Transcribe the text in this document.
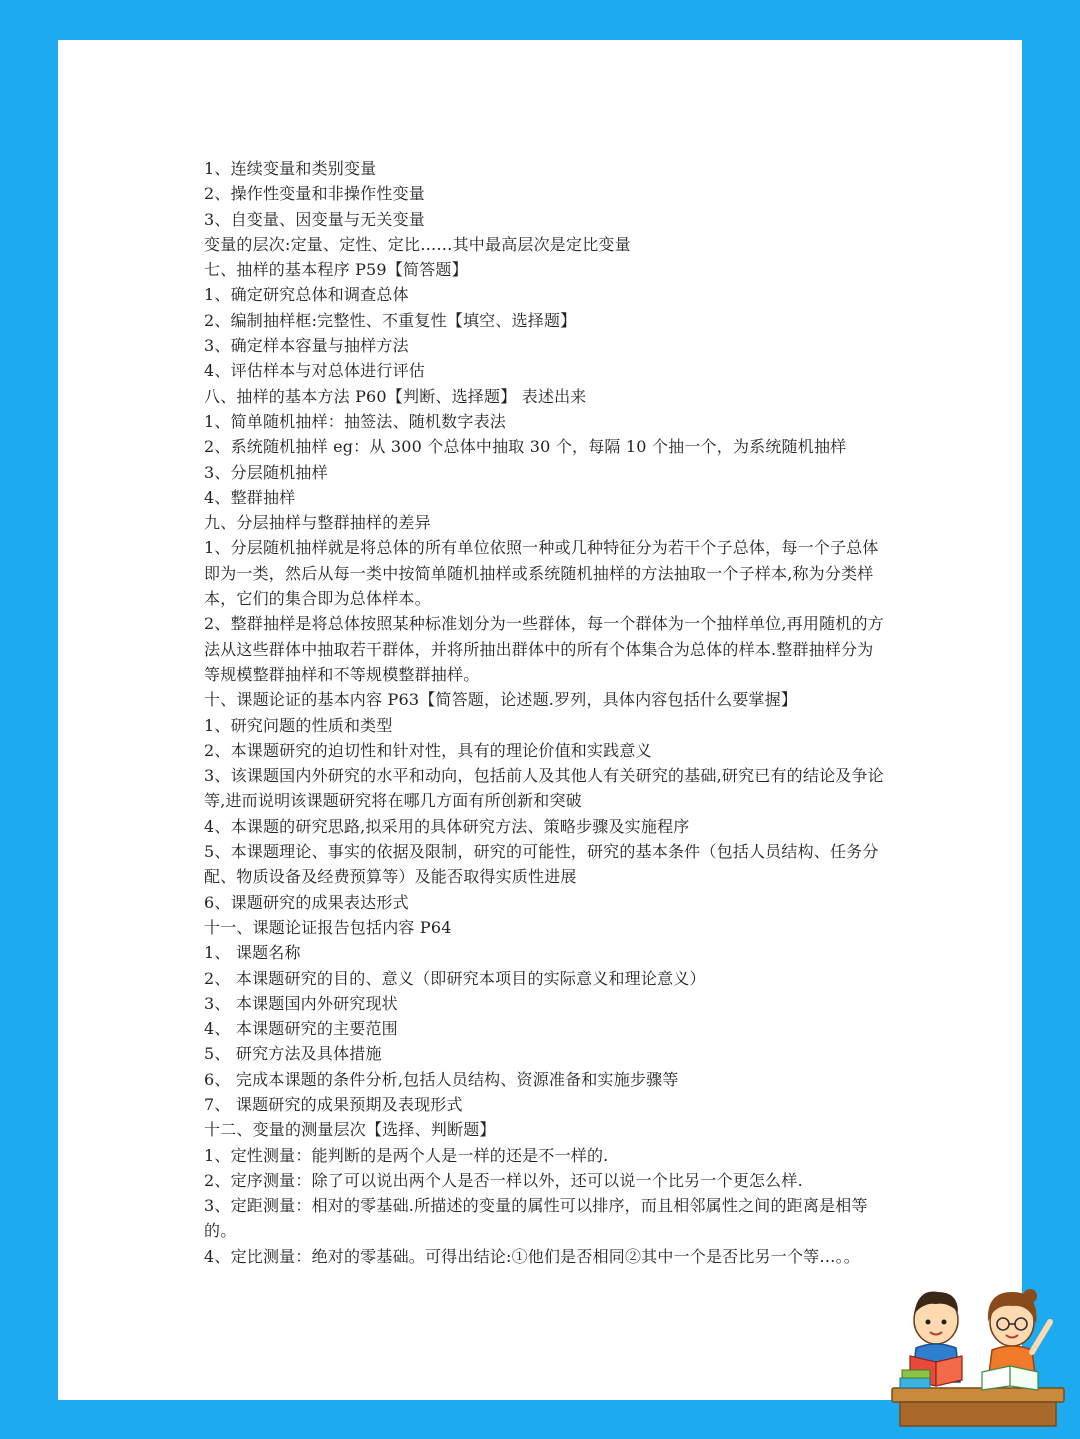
1、连续变量和类别变量
2、操作性变量和非操作性变量
3、自变量、因变量与无关变量
变量的层次:定量、定性、定比……其中最高层次是定比变量
七、抽样的基本程序 P59【简答题】
1、确定研究总体和调查总体
2、编制抽样框:完整性、不重复性【填空、选择题】
3、确定样本容量与抽样方法
4、评估样本与对总体进行评估
八、抽样的基本方法 P60【判断、选择题】 表述出来
1、简单随机抽样：抽签法、随机数字表法
2、系统随机抽样 eg：从 300 个总体中抽取 30 个，每隔 10 个抽一个，为系统随机抽样
3、分层随机抽样
4、整群抽样
九、分层抽样与整群抽样的差异
1、分层随机抽样就是将总体的所有单位依照一种或几种特征分为若干个子总体，每一个子总体即为一类，然后从每一类中按简单随机抽样或系统随机抽样的方法抽取一个子样本,称为分类样本，它们的集合即为总体样本。
2、整群抽样是将总体按照某种标准划分为一些群体，每一个群体为一个抽样单位,再用随机的方法从这些群体中抽取若干群体，并将所抽出群体中的所有个体集合为总体的样本.整群抽样分为等规模整群抽样和不等规模整群抽样。
十、课题论证的基本内容 P63【简答题，论述题.罗列，具体内容包括什么要掌握】
1、研究问题的性质和类型
2、本课题研究的迫切性和针对性，具有的理论价值和实践意义
3、该课题国内外研究的水平和动向，包括前人及其他人有关研究的基础,研究已有的结论及争论等,进而说明该课题研究将在哪几方面有所创新和突破
4、本课题的研究思路,拟采用的具体研究方法、策略步骤及实施程序
5、本课题理论、事实的依据及限制，研究的可能性，研究的基本条件（包括人员结构、任务分配、物质设备及经费预算等）及能否取得实质性进展
6、课题研究的成果表达形式
十一、课题论证报告包括内容 P64
1、 课题名称
2、 本课题研究的目的、意义（即研究本项目的实际意义和理论意义）
3、 本课题国内外研究现状
4、 本课题研究的主要范围
5、 研究方法及具体措施
6、 完成本课题的条件分析,包括人员结构、资源准备和实施步骤等
7、 课题研究的成果预期及表现形式
十二、变量的测量层次【选择、判断题】
1、定性测量：能判断的是两个人是一样的还是不一样的.
2、定序测量：除了可以说出两个人是否一样以外，还可以说一个比另一个更怎么样.
3、定距测量：相对的零基础.所描述的变量的属性可以排序，而且相邻属性之间的距离是相等的。
4、定比测量：绝对的零基础。可得出结论:①他们是否相同②其中一个是否比另一个等…。。
